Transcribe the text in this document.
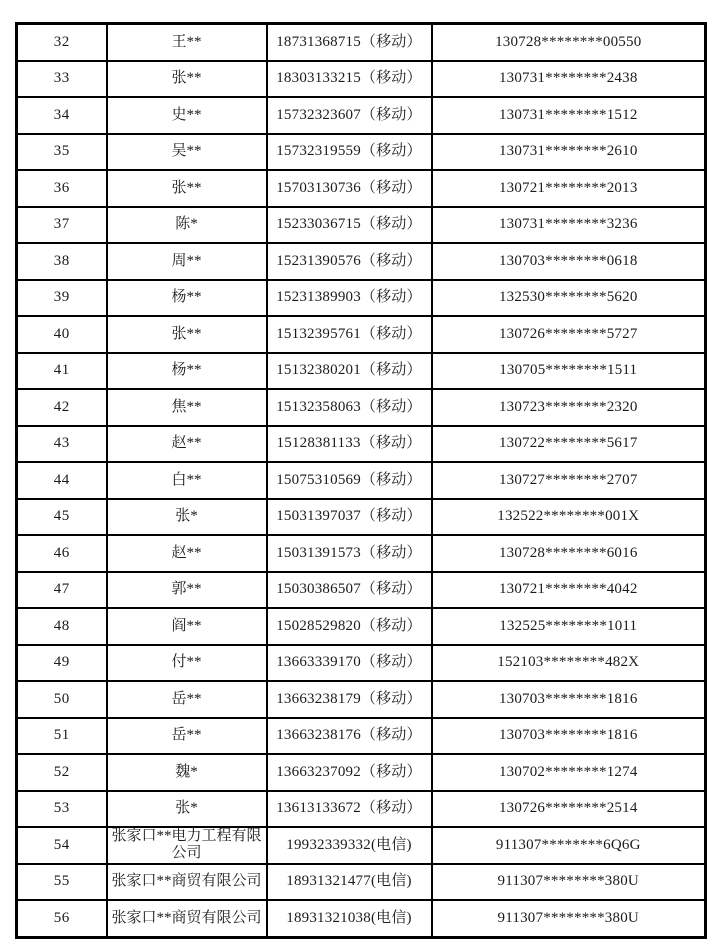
32	王**	18731368715（移动）	130728********00550
33	张**	18303133215（移动）	130731********2438
34	史**	15732323607（移动）	130731********1512
35	吴**	15732319559（移动）	130731********2610
36	张**	15703130736（移动）	130721********2013
37	陈*	15233036715（移动）	130731********3236
38	周**	15231390576（移动）	130703********0618
39	杨**	15231389903（移动）	132530********5620
40	张**	15132395761（移动）	130726********5727
41	杨**	15132380201（移动）	130705********1511
42	焦**	15132358063（移动）	130723********2320
43	赵**	15128381133（移动）	130722********5617
44	白**	15075310569（移动）	130727********2707
45	张*	15031397037（移动）	132522********001X
46	赵**	15031391573（移动）	130728********6016
47	郭**	15030386507（移动）	130721********4042
48	阎**	15028529820（移动）	132525********1011
49	付**	13663339170（移动）	152103********482X
50	岳**	13663238179（移动）	130703********1816
51	岳**	13663238176（移动）	130703********1816
52	魏*	13663237092（移动）	130702********1274
53	张*	13613133672（移动）	130726********2514
54	张家口**电力工程有限公司	19932339332(电信)	911307********6Q6G
55	张家口**商贸有限公司	18931321477(电信)	911307********380U
56	张家口**商贸有限公司	18931321038(电信)	911307********380U
